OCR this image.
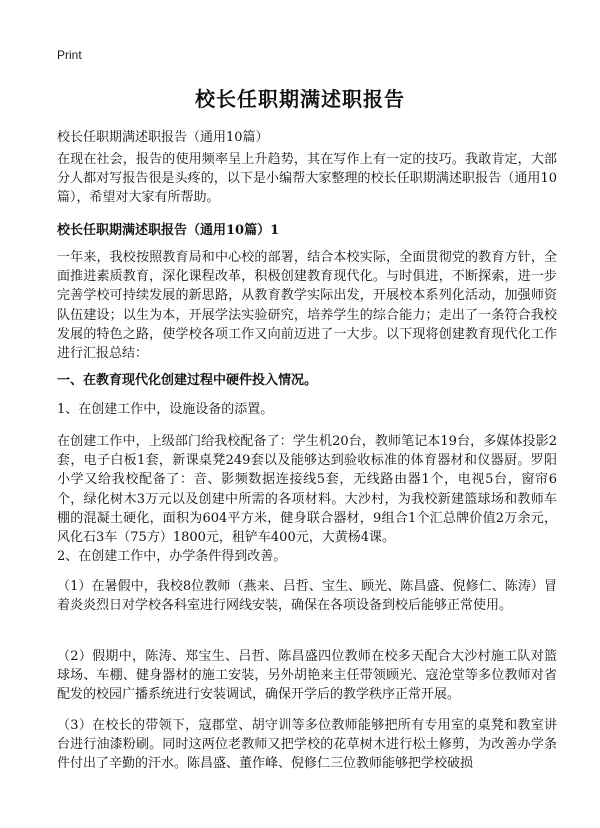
Print
校长任职期满述职报告
校长任职期满述职报告（通用10篇）
在现在社会，报告的使用频率呈上升趋势，其在写作上有一定的技巧。我敢肯定，大部分人都对写报告很是头疼的，以下是小编帮大家整理的校长任职期满述职报告（通用10篇），希望对大家有所帮助。
校长任职期满述职报告（通用10篇）1
一年来，我校按照教育局和中心校的部署，结合本校实际，全面贯彻党的教育方针，全面推进素质教育，深化课程改革，积极创建教育现代化。与时俱进，不断探索，进一步完善学校可持续发展的新思路，从教育教学实际出发，开展校本系列化活动，加强师资队伍建设；以生为本，开展学法实验研究，培养学生的综合能力；走出了一条符合我校发展的特色之路，使学校各项工作又向前迈进了一大步。以下现将创建教育现代化工作进行汇报总结：
一、在教育现代化创建过程中硬件投入情况。
1、在创建工作中，设施设备的添置。
在创建工作中，上级部门给我校配备了：学生机20台，教师笔记本19台，多媒体投影2套，电子白板1套，新课桌凳249套以及能够达到验收标准的体育器材和仪器厨。罗阳小学又给我校配备了：音、影频数据连接线5套，无线路由器1个，电视5台，窗帘6个，绿化树木3万元以及创建中所需的各项材料。大沙村，为我校新建篮球场和教师车棚的混凝土硬化，面积为604平方米，健身联合器材，9组合1个汇总牌价值2万余元，风化石3车（75方）1800元，租铲车400元，大黄杨4课。
2、在创建工作中，办学条件得到改善。
（1）在暑假中，我校8位教师（燕来、吕哲、宝生、顾光、陈昌盛、倪修仁、陈涛）冒着炎炎烈日对学校各科室进行网线安装，确保在各项设备到校后能够正常使用。
（2）假期中，陈涛、郑宝生、吕哲、陈昌盛四位教师在校多天配合大沙村施工队对篮球场、车棚、健身器材的施工安装，另外胡艳来主任带领顾光、寇沧堂等多位教师对省配发的校园广播系统进行安装调试，确保开学后的教学秩序正常开展。
（3）在校长的带领下，寇郡堂、胡守训等多位教师能够把所有专用室的桌凳和教室讲台进行油漆粉刷。同时这两位老教师又把学校的花草树木进行松土修剪，为改善办学条件付出了辛勤的汗水。陈昌盛、董作峰、倪修仁三位教师能够把学校破损
